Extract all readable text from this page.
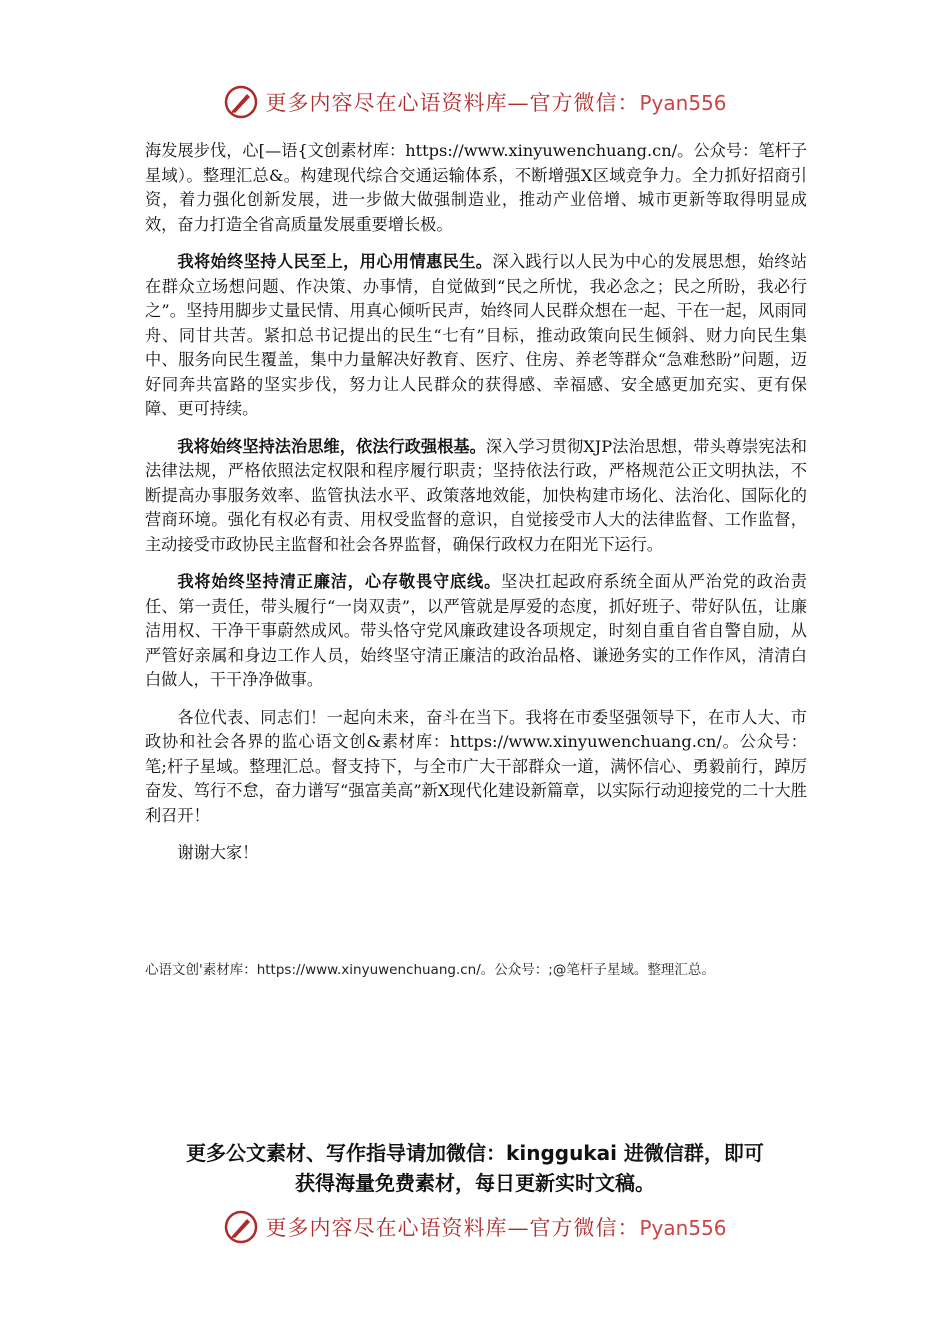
更多内容尽在心语资料库—官方微信：Pyan556

海发展步伐，心[—语{文创素材库：https://www.xinyuwenchuang.cn/。公众号：笔杆子星域）。整理汇总&。构建现代综合交通运输体系，不断增强X区域竞争力。全力抓好招商引资，着力强化创新发展，进一步做大做强制造业，推动产业倍增、城市更新等取得明显成效，奋力打造全省高质量发展重要增长极。

我将始终坚持人民至上，用心用情惠民生。深入践行以人民为中心的发展思想，始终站在群众立场想问题、作决策、办事情，自觉做到“民之所忧，我必念之；民之所盼，我必行之”。坚持用脚步丈量民情、用真心倾听民声，始终同人民群众想在一起、干在一起，风雨同舟、同甘共苦。紧扣总书记提出的民生“七有”目标，推动政策向民生倾斜、财力向民生集中、服务向民生覆盖，集中力量解决好教育、医疗、住房、养老等群众“急难愁盼”问题，迈好同奔共富路的坚实步伐，努力让人民群众的获得感、幸福感、安全感更加充实、更有保障、更可持续。

我将始终坚持法治思维，依法行政强根基。深入学习贯彻XJP法治思想，带头尊崇宪法和法律法规，严格依照法定权限和程序履行职责；坚持依法行政，严格规范公正文明执法，不断提高办事服务效率、监管执法水平、政策落地效能，加快构建市场化、法治化、国际化的营商环境。强化有权必有责、用权受监督的意识，自觉接受市人大的法律监督、工作监督，主动接受市政协民主监督和社会各界监督，确保行政权力在阳光下运行。

我将始终坚持清正廉洁，心存敬畏守底线。坚决扛起政府系统全面从严治党的政治责任、第一责任，带头履行“一岗双责”，以严管就是厚爱的态度，抓好班子、带好队伍，让廉洁用权、干净干事蔚然成风。带头恪守党风廉政建设各项规定，时刻自重自省自警自励，从严管好亲属和身边工作人员，始终坚守清正廉洁的政治品格、谦逊务实的工作作风，清清白白做人，干干净净做事。

各位代表、同志们！一起向未来，奋斗在当下。我将在市委坚强领导下，在市人大、市政协和社会各界的监心语文创&素材库：https://www.xinyuwenchuang.cn/。公众号：笔;杆子星域。整理汇总。督支持下，与全市广大干部群众一道，满怀信心、勇毅前行，踔厉奋发、笃行不怠，奋力谱写“强富美高”新X现代化建设新篇章，以实际行动迎接党的二十大胜利召开！

谢谢大家！

心语文创'素材库：https://www.xinyuwenchuang.cn/。公众号：;@笔杆子星域。整理汇总。
更多公文素材、写作指导请加微信：kinggukai 进微信群，即可
获得海量免费素材，每日更新实时文稿。
更多内容尽在心语资料库—官方微信：Pyan556
